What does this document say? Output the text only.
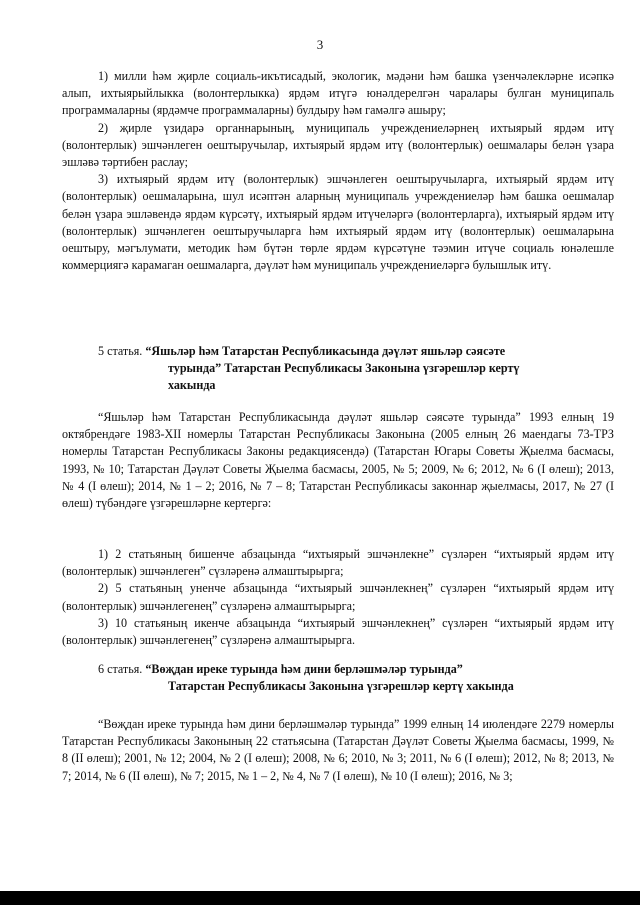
3

1) милли һәм җирле социаль-икътисадый, экологик, мәдәни һәм башка үзенчәлекләрне исәпкә алып, ихтыярыйлыкка (волонтерлыкка) ярдәм итүгә юнәлдерелгән чаралары булган муниципаль программаларны (ярдәмче программаларны) булдыру һәм гамәлгә ашыру;

2) җирле үзидарә органнарының, муниципаль учреждениеләрнең ихтыярый ярдәм итү (волонтерлык) эшчәнлеген оештыручылар, ихтыярый ярдәм итү (волонтерлык) оешмалары белән үзара эшләвә тәртибен раслау;

3) ихтыярый ярдәм итү (волонтерлык) эшчәнлеген оештыручыларга, ихтыярый ярдәм итү (волонтерлык) оешмаларына, шул исәптән аларның муниципаль учреждениеләр һәм башка оешмалар белән үзара эшләвендә ярдәм күрсәтү, ихтыярый ярдәм итүчеләргә (волонтерларга), ихтыярый ярдәм итү (волонтерлык) эшчәнлеген оештыручыларга һәм ихтыярый ярдәм итү (волонтерлык) оешмаларына оештыру, мәгълумати, методик һәм бүтән төрле ярдәм күрсәтүне тәэмин итүче социаль юнәлешле коммерциягә карамаган оешмаларга, дәүләт һәм муниципаль учреждениеләргә булышлык итү.

5 статья. “Яшьләр һәм Татарстан Республикасында дәүләт яшьләр сәясәте

турында” Татарстан Республикасы Законына үзгәрешләр кертү

хакында

“Яшьләр һәм Татарстан Республикасында дәүләт яшьләр сәясәте турында” 1993 елның 19 октябрендәге 1983-XII номерлы Татарстан Республикасы Законына (2005 елның 26 маендагы 73-ТРЗ номерлы Татарстан Республикасы Законы редакциясендә) (Татарстан Югары Советы Җыелма басмасы, 1993, № 10; Татарстан Дәүләт Советы Җыелма басмасы, 2005, № 5; 2009, № 6; 2012, № 6 (I өлеш); 2013, № 4 (I өлеш); 2014, № 1 – 2; 2016, № 7 – 8; Татарстан Республикасы законнар җыелмасы, 2017, № 27 (I өлеш) түбәндәге үзгәрешләрне кертергә:

1) 2 статьяның бишенче абзацында “ихтыярый эшчәнлекне” сүзләрен “ихтыярый ярдәм итү (волонтерлык) эшчәнлеген” сүзләренә алмаштырырга;

2) 5 статьяның уненче абзацында “ихтыярый эшчәнлекнең” сүзләрен “ихтыярый ярдәм итү (волонтерлык) эшчәнлегенең” сүзләренә алмаштырырга;

3) 10 статьяның икенче абзацында “ихтыярый эшчәнлекнең” сүзләрен “ихтыярый ярдәм итү (волонтерлык) эшчәнлегенең” сүзләренә алмаштырырга.

6 статья. “Вөҗдан ирек​е турында һәм дини берләшмәләр турында”

Татарстан Республикасы Законына үзгәрешләр кертү хакында

“Вөҗдан ирек​е турында һәм дини берләшмәләр турында” 1999 елның 14 июлендәге 2279 номерлы Татарстан Республикасы Законының 22 статьясына (Татарстан Дәүләт Советы Җыелма басмасы, 1999, № 8 (II өлеш); 2001, № 12; 2004, № 2 (I өлеш); 2008, № 6; 2010, № 3; 2011, № 6 (I өлеш); 2012, № 8; 2013, № 7; 2014, № 6 (II өлеш), № 7; 2015, № 1 – 2, № 4, № 7 (I өлеш), № 10 (I өлеш); 2016, № 3;
